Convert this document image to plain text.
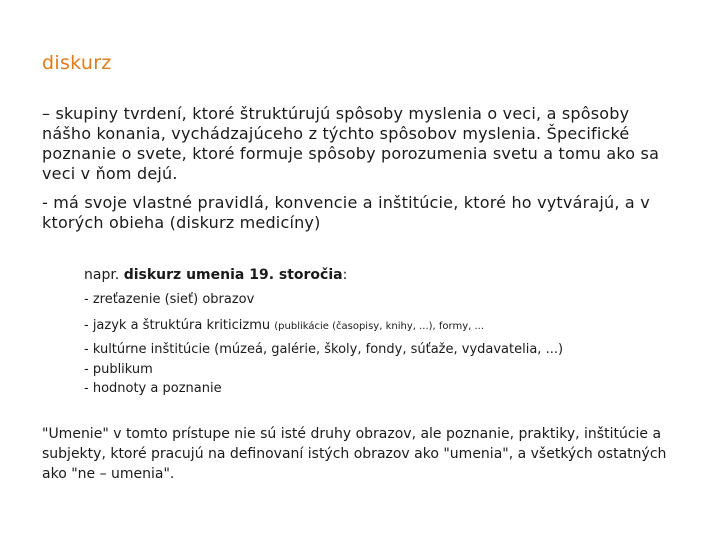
diskurz
– skupiny tvrdení, ktoré štruktúrujú spôsoby myslenia o veci, a spôsoby nášho konania, vychádzajúceho z týchto spôsobov myslenia. Špecifické poznanie o svete, ktoré formuje spôsoby porozumenia svetu a tomu ako sa veci v ňom dejú.
- má svoje vlastné pravidlá, konvencie a inštitúcie, ktoré ho vytvárajú, a v ktorých obieha (diskurz medicíny)
napr. diskurz umenia 19. storočia:
- zreťazenie (sieť) obrazov
- jazyk a štruktúra kriticizmu (publikácie (časopisy, knihy, ...), formy, ...
- kultúrne inštitúcie (múzeá, galérie, školy, fondy, súťaže, vydavatelia, ...)
- publikum
- hodnoty a poznanie
"Umenie" v tomto prístupe nie sú isté druhy obrazov, ale poznanie, praktiky, inštitúcie a subjekty, ktoré pracujú na definovaní istých obrazov ako "umenia", a všetkých ostatných ako "ne – umenia".
